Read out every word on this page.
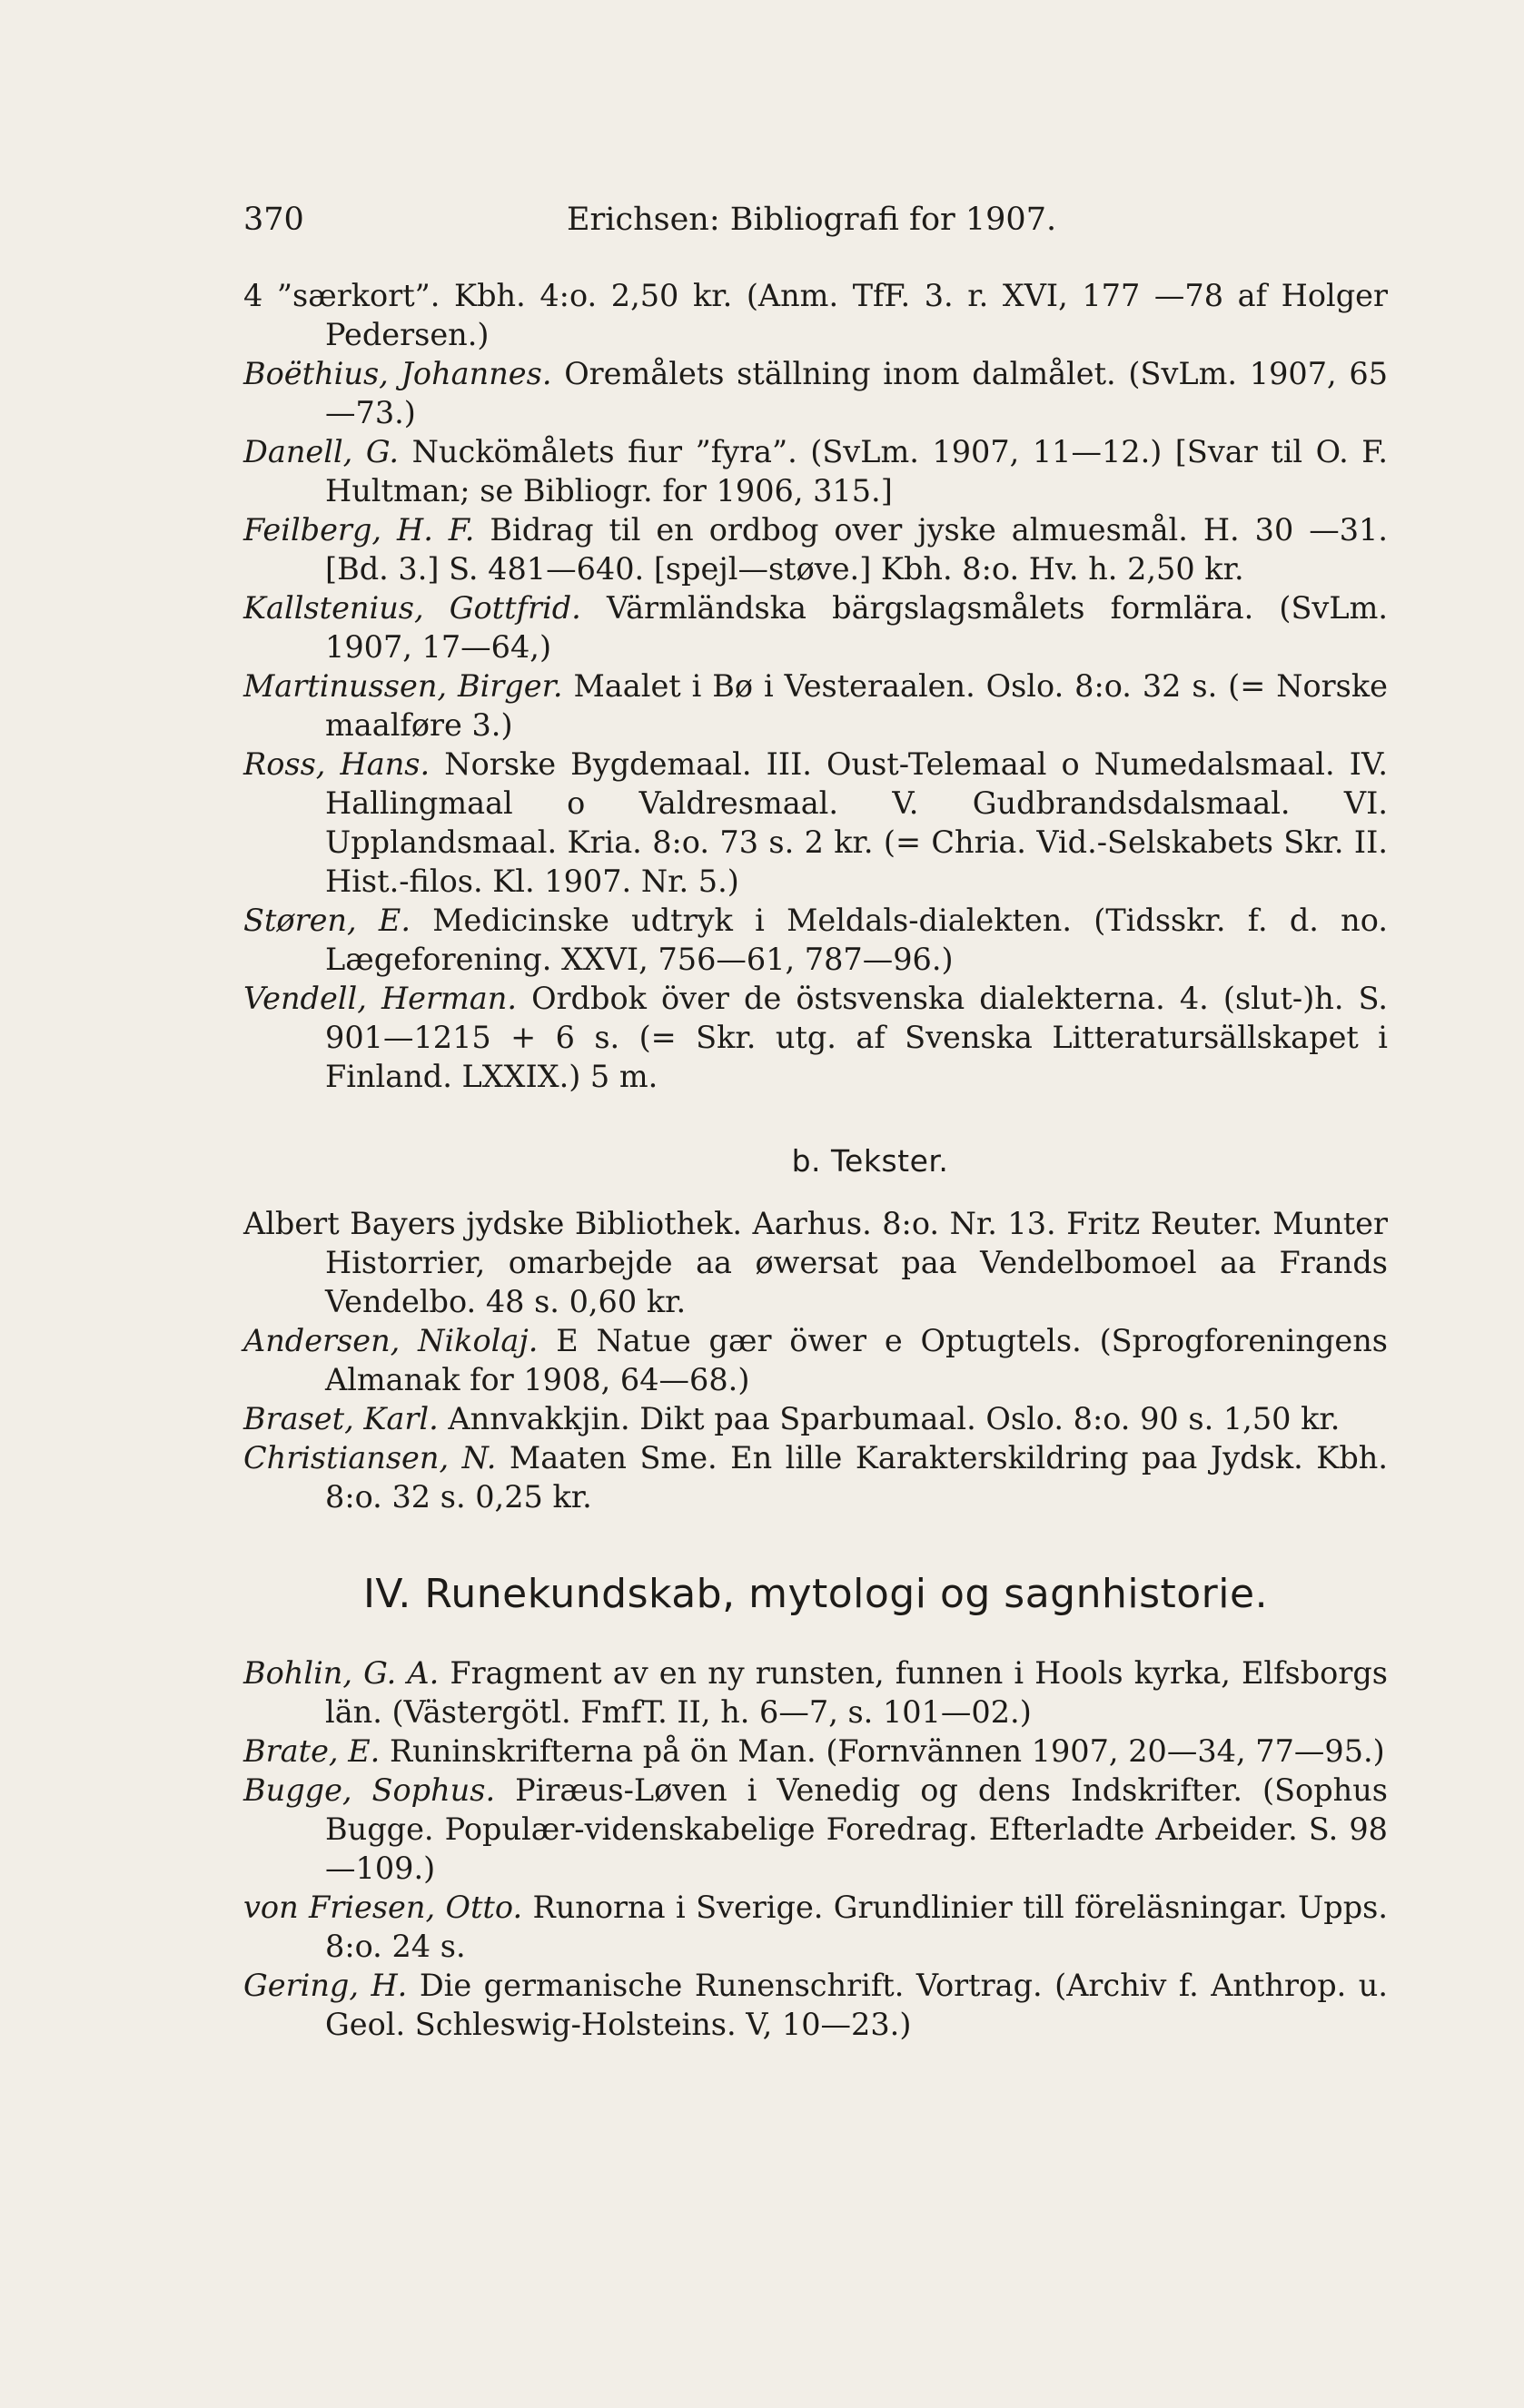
370	Erichsen: Bibliografi for 1907.
4 ”særkort”. Kbh. 4:o. 2,50 kr. (Anm. TfF. 3. r. XVI, 177 —78 af Holger Pedersen.)
Boëthius, Johannes. Oremålets ställning inom dalmålet. (SvLm. 1907, 65—73.)
Danell, G. Nuckömålets fiur ”fyra”. (SvLm. 1907, 11—12.) [Svar til O. F. Hultman; se Bibliogr. for 1906, 315.]
Feilberg, H. F. Bidrag til en ordbog over jyske almuesmål. H. 30 —31. [Bd. 3.] S. 481—640. [spejl—støve.] Kbh. 8:o. Hv. h. 2,50 kr.
Kallstenius, Gottfrid. Värmländska bärgslagsmålets formlära. (SvLm. 1907, 17—64,)
Martinussen, Birger. Maalet i Bø i Vesteraalen. Oslo. 8:o. 32 s. (= Norske maalføre 3.)
Ross, Hans. Norske Bygdemaal. III. Oust-Telemaal o Numedalsmaal. IV. Hallingmaal o Valdresmaal. V. Gudbrandsdalsmaal. VI. Upplandsmaal. Kria. 8:o. 73 s. 2 kr. (= Chria. Vid.-Selskabets Skr. II. Hist.-filos. Kl. 1907. Nr. 5.)
Støren, E. Medicinske udtryk i Meldals-dialekten. (Tidsskr. f. d. no. Lægeforening. XXVI, 756—61, 787—96.)
Vendell, Herman. Ordbok över de östsvenska dialekterna. 4. (slut-)h. S. 901—1215 + 6 s. (= Skr. utg. af Svenska Litteratursällskapet i Finland. LXXIX.) 5 m.
b. Tekster.
Albert Bayers jydske Bibliothek. Aarhus. 8:o. Nr. 13. Fritz Reuter. Munter Historrier, omarbejde aa øwersat paa Vendelbomoel aa Frands Vendelbo. 48 s. 0,60 kr.
Andersen, Nikolaj. E Natue gær öwer e Optugtels. (Sprogforeningens Almanak for 1908, 64—68.)
Braset, Karl. Annvakkjin. Dikt paa Sparbumaal. Oslo. 8:o. 90 s. 1,50 kr.
Christiansen, N. Maaten Sme. En lille Karakterskildring paa Jydsk. Kbh. 8:o. 32 s. 0,25 kr.
IV. Runekundskab, mytologi og sagnhistorie.
Bohlin, G. A. Fragment av en ny runsten, funnen i Hools kyrka, Elfsborgs län. (Västergötl. FmfT. II, h. 6—7, s. 101—02.)
Brate, E. Runinskrifterna på ön Man. (Fornvännen 1907, 20—34, 77—95.)
Bugge, Sophus. Piræus-Løven i Venedig og dens Indskrifter. (Sophus Bugge. Populær-videnskabelige Foredrag. Efterladte Arbeider. S. 98—109.)
von Friesen, Otto. Runorna i Sverige. Grundlinier till föreläsningar. Upps. 8:o. 24 s.
Gering, H. Die germanische Runenschrift. Vortrag. (Archiv f. Anthrop. u. Geol. Schleswig-Holsteins. V, 10—23.)
